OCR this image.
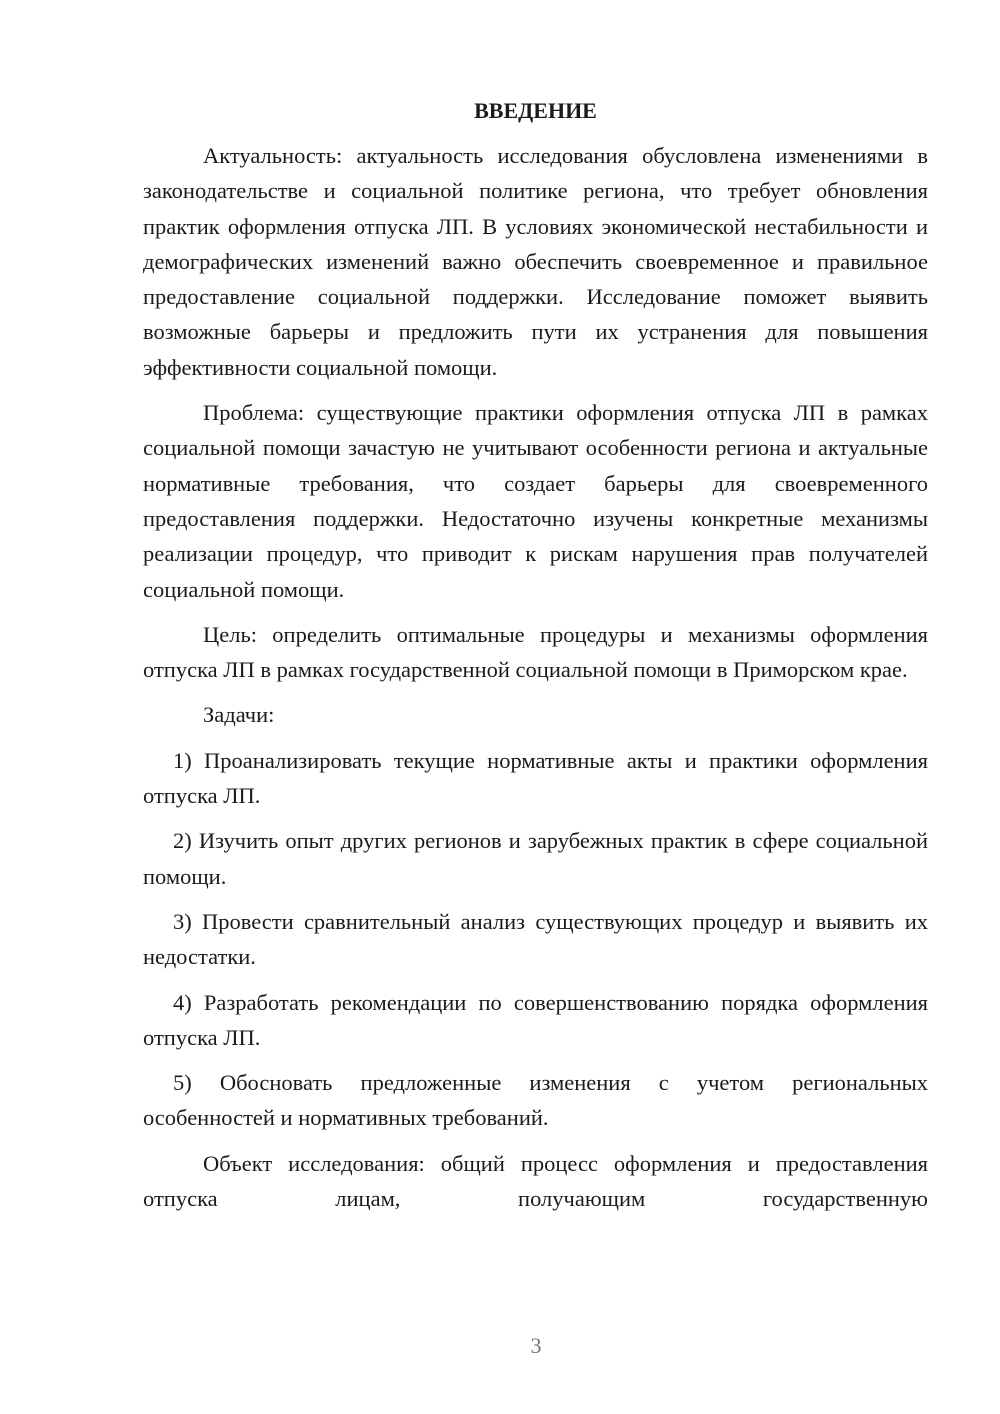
ВВЕДЕНИЕ

Актуальность: актуальность исследования обусловлена изменениями в законодательстве и социальной политике региона, что требует обновления практик оформления отпуска ЛП. В условиях экономической нестабильности и демографических изменений важно обеспечить своевременное и правильное предоставление социальной поддержки. Исследование поможет выявить возможные барьеры и предложить пути их устранения для повышения эффективности социальной помощи.

Проблема: существующие практики оформления отпуска ЛП в рамках социальной помощи зачастую не учитывают особенности региона и актуальные нормативные требования, что создает барьеры для своевременного предоставления поддержки. Недостаточно изучены конкретные механизмы реализации процедур, что приводит к рискам нарушения прав получателей социальной помощи.

Цель: определить оптимальные процедуры и механизмы оформления отпуска ЛП в рамках государственной социальной помощи в Приморском крае.

Задачи:

1) Проанализировать текущие нормативные акты и практики оформления отпуска ЛП.

2) Изучить опыт других регионов и зарубежных практик в сфере социальной помощи.

3) Провести сравнительный анализ существующих процедур и выявить их недостатки.

4) Разработать рекомендации по совершенствованию порядка оформления отпуска ЛП.

5) Обосновать предложенные изменения с учетом региональных особенностей и нормативных требований.

Объект исследования: общий процесс оформления и предоставления отпуска лицам, получающим государственную

3
